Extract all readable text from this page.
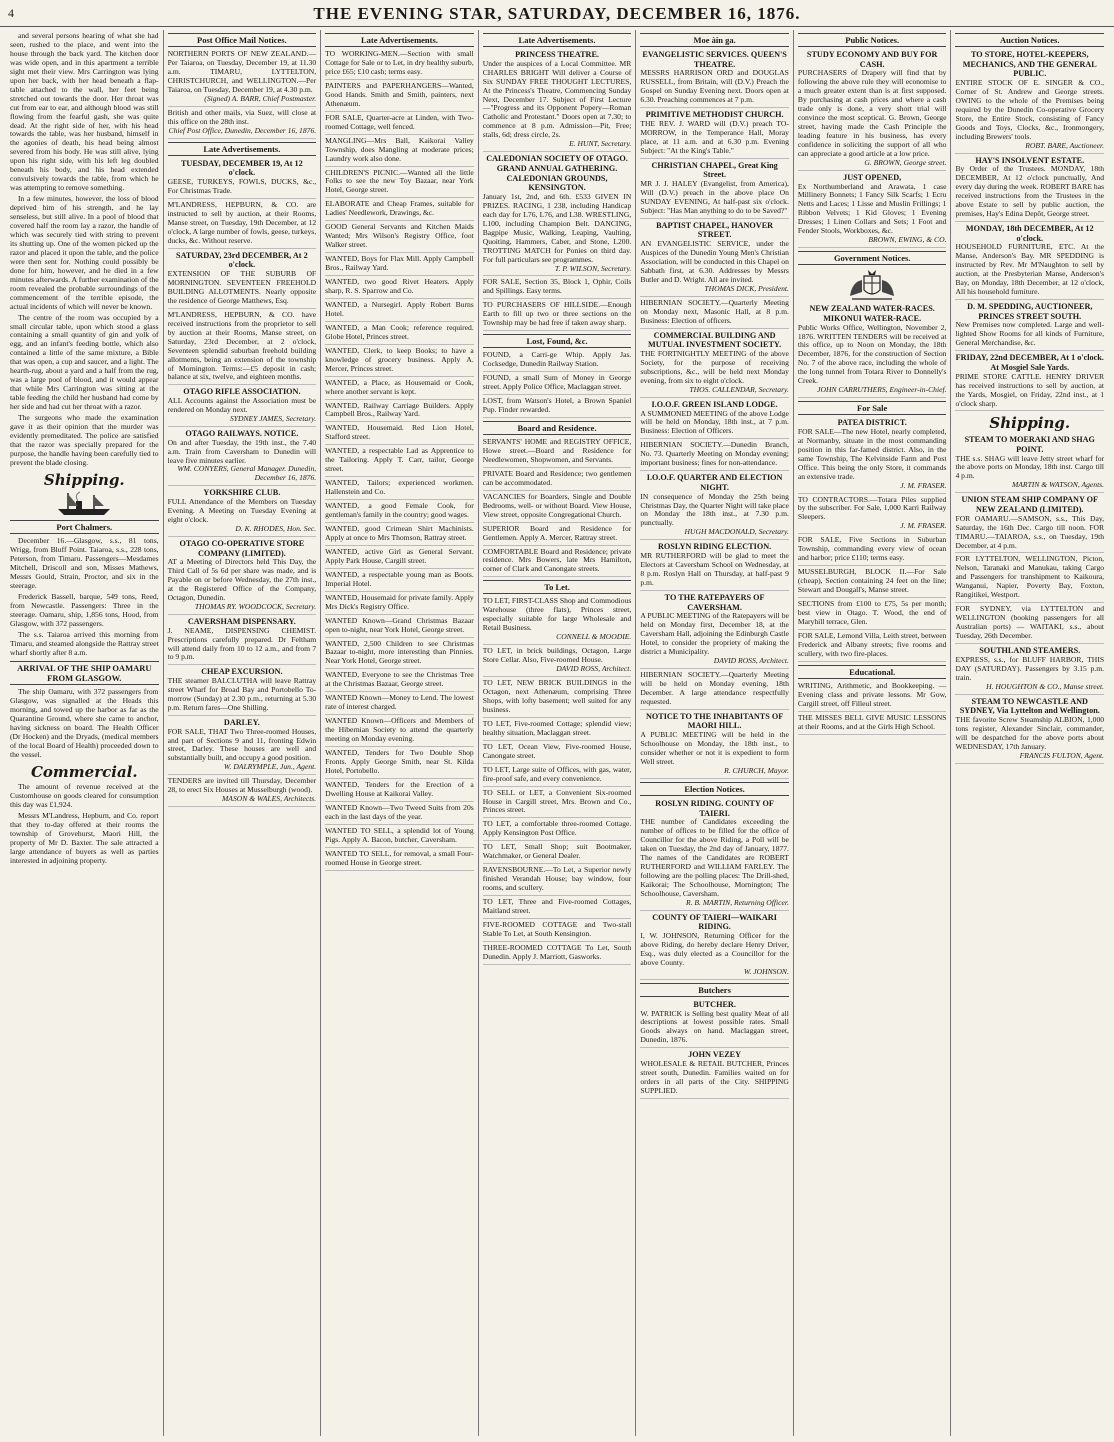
4	THE EVENING STAR, SATURDAY, DECEMBER 16, 1876.
and several persons hearing of what she had seen, rushed to the place, and went into the house through the back yard. The kitchen door was wide open, and in this apartment a terrible sight met their view. Mrs Carrington was lying upon her back, with her head beneath a flap-table attached to the wall, her feet being stretched out towards the door. Her throat was cut from ear to ear, and although blood was still flowing from the fearful gash, she was quite dead. At the right side of her, with his head towards the table, was her husband, himself in the agonies of death, his head being almost severed from his body. He was still alive, lying upon his right side, with his left leg doubled beneath his body, and his head extended convulsively towards the table, from which he was attempting to remove something.
In a few minutes, however, the loss of blood deprived him of his strength, and he lay senseless, but still alive. In a pool of blood that covered half the room lay a razor, the handle of which was securely tied with string to prevent its shutting up. One of the women picked up the razor and placed it upon the table, and the police were then sent for. Nothing could possibly be done for him, however, and he died in a few minutes afterwards. A further examination of the room revealed the probable surroundings of the commencement of the terrible episode, the actual incidents of which will never be known.
The centre of the room was occupied by a small circular table, upon which stood a glass containing a small quantity of gin and yolk of egg, and an infant's feeding bottle, which also contained a little of the same mixture, a Bible that was open, a cup and saucer, and a light. The hearth-rug, about a yard and a half from the rug, was a large pool of blood, and it would appear that while Mrs Carrington was sitting at the table feeding the child her husband had come by her side and had cut her throat with a razor.
The surgeons who made the examination gave it as their opinion that the murder was evidently premeditated. The police are satisfied that the razor was specially prepared for the purpose, the handle having been carefully tied to prevent the blade closing.
Shipping.
Port Chalmers.
December 16.—Glasgow, s.s., 81 tons, Wrigg, from Bluff Point. Taiaroa, s.s., 228 tons, Peterson, from Timaru. Passengers—Mesdames Mitchell, Driscoll and son, Misses Mathews, Messrs Gould, Strain, Proctor, and six in the steerage.
Frederick Bassell, barque, 549 tons, Reed, from Newcastle. Passengers: Three in the steerage. Oamaru, ship, 1,856 tons, Hood, from Glasgow, with 372 passengers.
The s.s. Taiaroa arrived this morning from Timaru, and steamed alongside the Rattray street wharf shortly after 8 a.m.
ARRIVAL OF THE SHIP OAMARU FROM GLASGOW.
The ship Oamaru, with 372 passengers from Glasgow, was signalled at the Heads this morning, and towed up the harbor as far as the Quarantine Ground, where she came to anchor, having sickness on board. The Health Officer (Dr Hocken) and the Dryads, (medical members of the local Board of Health) proceeded down to the vessel.
Commercial.
The amount of revenue received at the Customhouse on goods cleared for consumption this day was £1,924.
Messrs M'Landress, Hepburn, and Co. report that they to-day offered at their rooms the township of Grovehurst, Maori Hill, the property of Mr D. Baxter. The sale attracted a large attendance of buyers as well as parties interested in adjoining property.
Post Office Mail Notices.
NORTHERN PORTS OF NEW ZEALAND.—Per Taiaroa, on Tuesday, December 19, at 11.30 a.m. TIMARU, LYTTELTON, CHRISTCHURCH, and WELLINGTON.—Per Taiaroa, on Tuesday, December 19, at 4.30 p.m.
(Signed) A. BARR, Chief Postmaster.
British and other mails, via Suez, will close at this office on the 28th inst.
Chief Post Office, Dunedin, December 16, 1876.
Late Advertisements.
TUESDAY, DECEMBER 19, At 12 o'clock.
GEESE, TURKEYS, FOWLS, DUCKS, &c., For Christmas Trade.
M'LANDRESS, HEPBURN, & CO. are instructed to sell by auction, at their Rooms, Manse street, on Tuesday, 19th December, at 12 o'clock, A large number of fowls, geese, turkeys, ducks, &c. Without reserve.
SATURDAY, 23rd DECEMBER, At 2 o'clock.
EXTENSION OF THE SUBURB OF MORNINGTON. SEVENTEEN FREEHOLD BUILDING ALLOTMENTS. Nearly opposite the residence of George Matthews, Esq.
M'LANDRESS, HEPBURN, & CO. have received instructions from the proprietor to sell by auction at their Rooms, Manse street, on Saturday, 23rd December, at 2 o'clock, Seventeen splendid suburban freehold building allotments, being an extension of the township of Mornington. Terms:—£5 deposit in cash; balance at six, twelve, and eighteen months.
OTAGO RIFLE ASSOCIATION.
ALL Accounts against the Association must be rendered on Monday next.
SYDNEY JAMES, Secretary.
OTAGO RAILWAYS. NOTICE.
On and after Tuesday, the 19th inst., the 7.40 a.m. Train from Caversham to Dunedin will leave five minutes earlier.
WM. CONYERS, General Manager. Dunedin, December 16, 1876.
YORKSHIRE CLUB.
FULL Attendance of the Members on Tuesday Evening. A Meeting on Tuesday Evening at eight o'clock.
D. K. RHODES, Hon. Sec.
OTAGO CO-OPERATIVE STORE COMPANY (LIMITED).
AT a Meeting of Directors held This Day, the Third Call of 5s 6d per share was made, and is Payable on or before Wednesday, the 27th inst., at the Registered Office of the Company, Octagon, Dunedin.
THOMAS RY. WOODCOCK, Secretary.
CAVERSHAM DISPENSARY.
J. NEAME, DISPENSING CHEMIST. Prescriptions carefully prepared. Dr Feltham will attend daily from 10 to 12 a.m., and from 7 to 9 p.m.
CHEAP EXCURSION.
THE steamer BALCLUTHA will leave Rattray street Wharf for Broad Bay and Portobello To-morrow (Sunday) at 2.30 p.m., returning at 5.30 p.m. Return fares—One Shilling.
DARLEY.
FOR SALE, THAT Two Three-roomed Houses, and part of Sections 9 and 11, fronting Edwin street, Darley. These houses are well and substantially built, and occupy a good position.
W. DALRYMPLE, Jun., Agent.
TENDERS are invited till Thursday, December 28, to erect Six Houses at Musselburgh (wood).
MASON & WALES, Architects.
Late Advertisements.
TO WORKING-MEN.—Section with small Cottage for Sale or to Let, in dry healthy suburb, price £65; £10 cash; terms easy.
PAINTERS and PAPERHANGERS—Wanted, Good Hands. Smith and Smith, painters, next Athenæum.
FOR SALE, Quarter-acre at Linden, with Two-roomed Cottage, well fenced.
MANGLING—Mrs Ball, Kaikorai Valley Township, does Mangling at moderate prices; Laundry work also done.
CHILDREN'S PICNIC.—Wanted all the little Folks to see the new Toy Bazaar, near York Hotel, George street.
ELABORATE and Cheap Frames, suitable for Ladies' Needlework, Drawings, &c.
GOOD General Servants and Kitchen Maids Wanted; Mrs Wilson's Registry Office, foot Walker street.
WANTED, Boys for Flax Mill. Apply Campbell Bros., Railway Yard.
WANTED, two good Rivet Heaters. Apply sharp, R. S. Sparrow and Co.
WANTED, a Nursegirl. Apply Robert Burns Hotel.
WANTED, a Man Cook; reference required. Globe Hotel, Princes street.
WANTED, Clerk, to keep Books; to have a knowledge of grocery business. Apply A. Mercer, Princes street.
WANTED, a Place, as Housemaid or Cook, where another servant is kept.
WANTED, Railway Carriage Builders. Apply Campbell Bros., Railway Yard.
WANTED, Housemaid. Red Lion Hotel, Stafford street.
WANTED, a respectable Lad as Apprentice to the Tailoring. Apply T. Carr, tailor, George street.
WANTED, Tailors; experienced workmen. Hallenstein and Co.
WANTED, a good Female Cook, for gentleman's family in the country; good wages.
WANTED, good Crimean Shirt Machinists. Apply at once to Mrs Thomson, Rattray street.
WANTED, active Girl as General Servant. Apply Park House, Cargill street.
WANTED, a respectable young man as Boots. Imperial Hotel.
WANTED, Housemaid for private family. Apply Mrs Dick's Registry Office.
WANTED Known—Grand Christmas Bazaar open to-night, near York Hotel, George street.
WANTED, 2,500 Children to see Christmas Bazaar to-night, more interesting than Pinnies. Near York Hotel, George street.
WANTED, Everyone to see the Christmas Tree at the Christmas Bazaar, George street.
WANTED Known—Money to Lend. The lowest rate of interest charged.
WANTED Known—Officers and Members of the Hibernian Society to attend the quarterly meeting on Monday evening.
WANTED, Tenders for Two Double Shop Fronts. Apply George Smith, near St. Kilda Hotel, Portobello.
WANTED, Tenders for the Erection of a Dwelling House at Kaikorai Valley.
WANTED Known—Two Tweed Suits from 20s each in the last days of the year.
WANTED TO SELL, a splendid lot of Young Pigs. Apply A. Bacon, butcher, Caversham.
WANTED TO SELL, for removal, a small Four-roomed House in George street.
Late Advertisements.
PRINCESS THEATRE.
Under the auspices of a Local Committee. MR CHARLES BRIGHT Will deliver a Course of Six SUNDAY FREE THOUGHT LECTURES, At the Princess's Theatre, Commencing Sunday Next, December 17. Subject of First Lecture—"Progress and its Opponent Popery—Roman Catholic and Protestant." Doors open at 7.30; to commence at 8 p.m. Admission—Pit, Free; stalls, 6d; dress circle, 2s.
E. HUNT, Secretary.
CALEDONIAN SOCIETY OF OTAGO. GRAND ANNUAL GATHERING. CALEDONIAN GROUNDS, KENSINGTON.
January 1st, 2nd, and 6th. £533 GIVEN IN PRIZES. RACING, 1 238, including Handicap each day for L76, L76, and L38. WRESTLING, L100, including Champion Belt. DANCING, Bagpipe Music, Walking, Leaping, Vaulting, Quoiting, Hammers, Caber, and Stone, L200. TROTTING MATCH for Ponies on third day. For full particulars see programmes.
T. P. WILSON, Secretary.
FOR SALE, Section 35, Block 1, Ophir, Coils and Spillings. Easy terms.
TO PURCHASERS OF HILLSIDE.—Enough Earth to fill up two or three sections on the Township may be had free if taken away sharp.
Lost, Found, &c.
FOUND, a Carri-ge Whip. Apply Jas. Cocksedge, Dunedin Railway Station.
FOUND, a small Sum of Money in George street. Apply Police Office, Maclaggan street.
LOST, from Watson's Hotel, a Brown Spaniel Pup. Finder rewarded.
Board and Residence.
SERVANTS' HOME and REGISTRY OFFICE, Howe street.—Board and Residence for Needlewomen, Shopwomen, and Servants.
PRIVATE Board and Residence; two gentlemen can be accommodated.
VACANCIES for Boarders, Single and Double Bedrooms, well- or without Board. View House, View street, opposite Congregational Church.
SUPERIOR Board and Residence for Gentlemen. Apply A. Mercer, Rattray street.
COMFORTABLE Board and Residence; private residence. Mrs Bowers, late Mrs Hamilton, corner of Clark and Canongate streets.
To Let.
TO LET, FIRST-CLASS Shop and Commodious Warehouse (three flats), Princes street, especially suitable for large Wholesale and Retail Business.
CONNELL & MOODIE.
TO LET, in brick buildings, Octagon, Large Store Cellar. Also, Five-roomed House.
DAVID ROSS, Architect.
TO LET, NEW BRICK BUILDINGS in the Octagon, next Athenæum, comprising Three Shops, with lofty basement; well suited for any business.
TO LET, Five-roomed Cottage; splendid view; healthy situation, Maclaggan street.
TO LET, Ocean View, Five-roomed House, Canongate street.
TO LET, Large suite of Offices, with gas, water, fire-proof safe, and every convenience.
TO SELL or LET, a Convenient Six-roomed House in Cargill street, Mrs. Brown and Co., Princes street.
TO LET, a comfortable three-roomed Cottage. Apply Kensington Post Office.
TO LET, Small Shop; suit Bootmaker, Watchmaker, or General Dealer.
RAVENSBOURNE.—To Let, a Superior newly finished Verandah House; bay window, four rooms, and scullery.
TO LET, Three and Five-roomed Cottages, Maitland street.
FIVE-ROOMED COTTAGE and Two-stall Stable To Let, at South Kensington.
THREE-ROOMED COTTAGE To Let, South Dunedin. Apply J. Marriott, Gasworks.
Moe àin ga.
EVANGELISTIC SERVICES. QUEEN'S THEATRE.
MESSRS HARRISON ORD and DOUGLAS RUSSELL, from Britain, will (D.V.) Preach the Gospel on Sunday Evening next. Doors open at 6.30. Preaching commences at 7 p.m.
PRIMITIVE METHODIST CHURCH.
THE REV. J. WARD will (D.V.) preach TO-MORROW, in the Temperance Hall, Moray place, at 11 a.m. and at 6.30 p.m. Evening Subject: "At the King's Table."
CHRISTIAN CHAPEL, Great King Street.
MR J. J. HALEY (Evangelist, from America), Will (D.V.) preach in the above place On SUNDAY EVENING, At half-past six o'clock. Subject: "Has Man anything to do to be Saved?"
BAPTIST CHAPEL, HANOVER STREET.
AN EVANGELISTIC SERVICE, under the Auspices of the Dunedin Young Men's Christian Association, will be conducted in this Chapel on Sabbath first, at 6.30. Addresses by Messrs Butler and D. Wright. All are invited.
THOMAS DICK, President.
HIBERNIAN SOCIETY.—Quarterly Meeting on Monday next, Masonic Hall, at 8 p.m. Business: Election of officers.
COMMERCIAL BUILDING AND MUTUAL INVESTMENT SOCIETY.
THE FORTNIGHTLY MEETING of the above Society, for the purpose of receiving subscriptions, &c., will be held next Monday evening, from six to eight o'clock.
THOS. CALLENDAR, Secretary.
I.O.O.F. GREEN ISLAND LODGE.
A SUMMONED MEETING of the above Lodge will be held on Monday, 18th inst., at 7 p.m. Business: Election of Officers.
HIBERNIAN SOCIETY.—Dunedin Branch, No. 73. Quarterly Meeting on Monday evening; important business; fines for non-attendance.
I.O.O.F. QUARTER AND ELECTION NIGHT.
IN consequence of Monday the 25th being Christmas Day, the Quarter Night will take place on Monday the 18th inst., at 7.30 p.m. punctually.
HUGH MACDONALD, Secretary.
ROSLYN RIDING ELECTION.
MR RUTHERFORD will be glad to meet the Electors at Caversham School on Wednesday, at 8 p.m. Roslyn Hall on Thursday, at half-past 9 p.m.
TO THE RATEPAYERS OF CAVERSHAM.
A PUBLIC MEETING of the Ratepayers will be held on Monday first, December 18, at the Caversham Hall, adjoining the Edinburgh Castle Hotel, to consider the propriety of making the district a Municipality.
DAVID ROSS, Architect.
HIBERNIAN SOCIETY.—Quarterly Meeting will be held on Monday evening, 18th December. A large attendance respectfully requested.
NOTICE TO THE INHABITANTS OF MAORI HILL.
A PUBLIC MEETING will be held in the Schoolhouse on Monday, the 18th inst., to consider whether or not it is expedient to form Well street.
R. CHURCH, Mayor.
Election Notices.
ROSLYN RIDING. COUNTY OF TAIERI.
THE number of Candidates exceeding the number of offices to be filled for the office of Councillor for the above Riding, a Poll will be taken on Tuesday, the 2nd day of January, 1877. The names of the Candidates are ROBERT RUTHERFORD and WILLIAM FARLEY. The following are the polling places: The Drill-shed, Kaikorai; The Schoolhouse, Mornington; The Schoolhouse, Caversham.
R. B. MARTIN, Returning Officer.
COUNTY OF TAIERI—WAIKARI RIDING.
I, W. JOHNSON, Returning Officer for the above Riding, do hereby declare Henry Driver, Esq., was duly elected as a Councillor for the above County.
W. JOHNSON.
Butchers
BUTCHER.
W. PATRICK is Selling best quality Meat of all descriptions at lowest possible rates. Small Goods always on hand. Maclaggan street, Dunedin, 1876.
JOHN VEZEY
WHOLESALE & RETAIL BUTCHER, Princes street south, Dunedin. Families waited on for orders in all parts of the City. SHIPPING SUPPLIED.
Public Notices.
STUDY ECONOMY AND BUY FOR CASH.
PURCHASERS of Drapery will find that by following the above rule they will economise to a much greater extent than is at first supposed. By purchasing at cash prices and where a cash trade only is done, a very short trial will convince the most sceptical. G. Brown, George street, having made the Cash Principle the leading feature in his business, has every confidence in soliciting the support of all who can appreciate a good article at a low price.
G. BROWN, George street.
JUST OPENED,
Ex Northumberland and Arawata, 1 case Millinery Bonnets; 1 Fancy Silk Scarfs; 1 Ecru Netts and Laces; 1 Lisse and Muslin Frillings; 1 Ribbon Velvets; 1 Kid Gloves; 1 Evening Dresses; 1 Linen Collars and Sets; 1 Foot and Fender Stools, Workboxes, &c.
BROWN, EWING, & CO.
Government Notices.
NEW ZEALAND WATER-RACES. MIKONUI WATER-RACE.
Public Works Office, Wellington, November 2, 1876. WRITTEN TENDERS will be received at this office, up to Noon on Monday, the 18th December, 1876, for the construction of Section No. 7 of the above race, including the whole of the long tunnel from Totara River to Donnelly's Creek.
JOHN CARRUTHERS, Engineer-in-Chief.
For Sale
PATEA DISTRICT.
FOR SALE—The new Hotel, nearly completed, at Normanby, situate in the most commanding position in this far-famed district. Also, in the same Township, The Kelvinside Farm and Post Office. This being the only Store, it commands an extensive trade.
J. M. FRASER.
TO CONTRACTORS.—Totara Piles supplied by the subscriber. For Sale, 1,000 Karri Railway Sleepers.
J. M. FRASER.
FOR SALE, Five Sections in Suburban Township, commanding every view of ocean and harbor; price £110; terms easy.
MUSSELBURGH, BLOCK II.—For Sale (cheap), Section containing 24 feet on the line; Stewart and Dougall's, Manse street.
SECTIONS from £100 to £75, 5s per month; best view in Otago. T. Wood, the end of Maryhill terrace, Glen.
FOR SALE, Lemond Villa, Leith street, between Frederick and Albany streets; five rooms and scullery, with two fire-places.
Educational.
WRITING, Arithmetic, and Bookkeeping. —Evening class and private lessons. Mr Gow, Cargill street, off Filleul street.
THE MISSES BELL GIVE MUSIC LESSONS at their Rooms, and at the Girls High School.
Auction Notices.
TO STORE, HOTEL-KEEPERS, MECHANICS, AND THE GENERAL PUBLIC.
ENTIRE STOCK OF E. SINGER & CO., Corner of St. Andrew and George streets. OWING to the whole of the Premises being required by the Dunedin Co-operative Grocery Store, the Entire Stock, consisting of Fancy Goods and Toys, Clocks, &c., Ironmongery, including Brewers' tools.
ROBT. BARE, Auctioneer.
HAY'S INSOLVENT ESTATE.
By Order of the Trustees. MONDAY, 18th DECEMBER, At 12 o'clock punctually, And every day during the week. ROBERT BARE has received instructions from the Trustees in the above Estate to sell by public auction, the premises, Hay's Edina Depôt, George street.
MONDAY, 18th DECEMBER, At 12 o'clock.
HOUSEHOLD FURNITURE, ETC. At the Manse, Anderson's Bay. MR SPEDDING is instructed by Rev. Mr M'Naughton to sell by auction, at the Presbyterian Manse, Anderson's Bay, on Monday, 18th December, at 12 o'clock, All his household furniture.
D. M. SPEDDING, AUCTIONEER, PRINCES STREET SOUTH.
New Premises now completed. Large and well-lighted Show Rooms for all kinds of Furniture, General Merchandise, &c.
FRIDAY, 22nd DECEMBER, At 1 o'clock. At Mosgiel Sale Yards.
PRIME STORE CATTLE. HENRY DRIVER has received instructions to sell by auction, at the Yards, Mosgiel, on Friday, 22nd inst., at 1 o'clock sharp.
Shipping.
STEAM TO MOERAKI AND SHAG POINT.
THE s.s. SHAG will leave Jetty street wharf for the above ports on Monday, 18th inst. Cargo till 4 p.m.
MARTIN & WATSON, Agents.
UNION STEAM SHIP COMPANY OF NEW ZEALAND (LIMITED).
FOR OAMARU.—SAMSON, s.s., This Day, Saturday, the 16th Dec. Cargo till noon. FOR TIMARU.—TAIAROA, s.s., on Tuesday, 19th December, at 4 p.m.
FOR LYTTELTON, WELLINGTON, Picton, Nelson, Taranaki and Manukau, taking Cargo and Passengers for transhipment to Kaikoura, Wanganui, Napier, Poverty Bay, Foxton, Rangitikei, Westport.
FOR SYDNEY, via LYTTELTON and WELLINGTON (booking passengers for all Australian ports) — WAITAKI, s.s., about Tuesday, 26th December.
SOUTHLAND STEAMERS.
EXPRESS, s.s., for BLUFF HARBOR, THIS DAY (SATURDAY). Passengers by 3.15 p.m. train.
H. HOUGHTON & CO., Manse street.
STEAM TO NEWCASTLE AND SYDNEY, Via Lyttelton and Wellington.
THE favorite Screw Steamship ALBION, 1,000 tons register, Alexander Sinclair, commander, will be despatched for the above ports about WEDNESDAY, 17th January.
FRANCIS FULTON, Agent.
